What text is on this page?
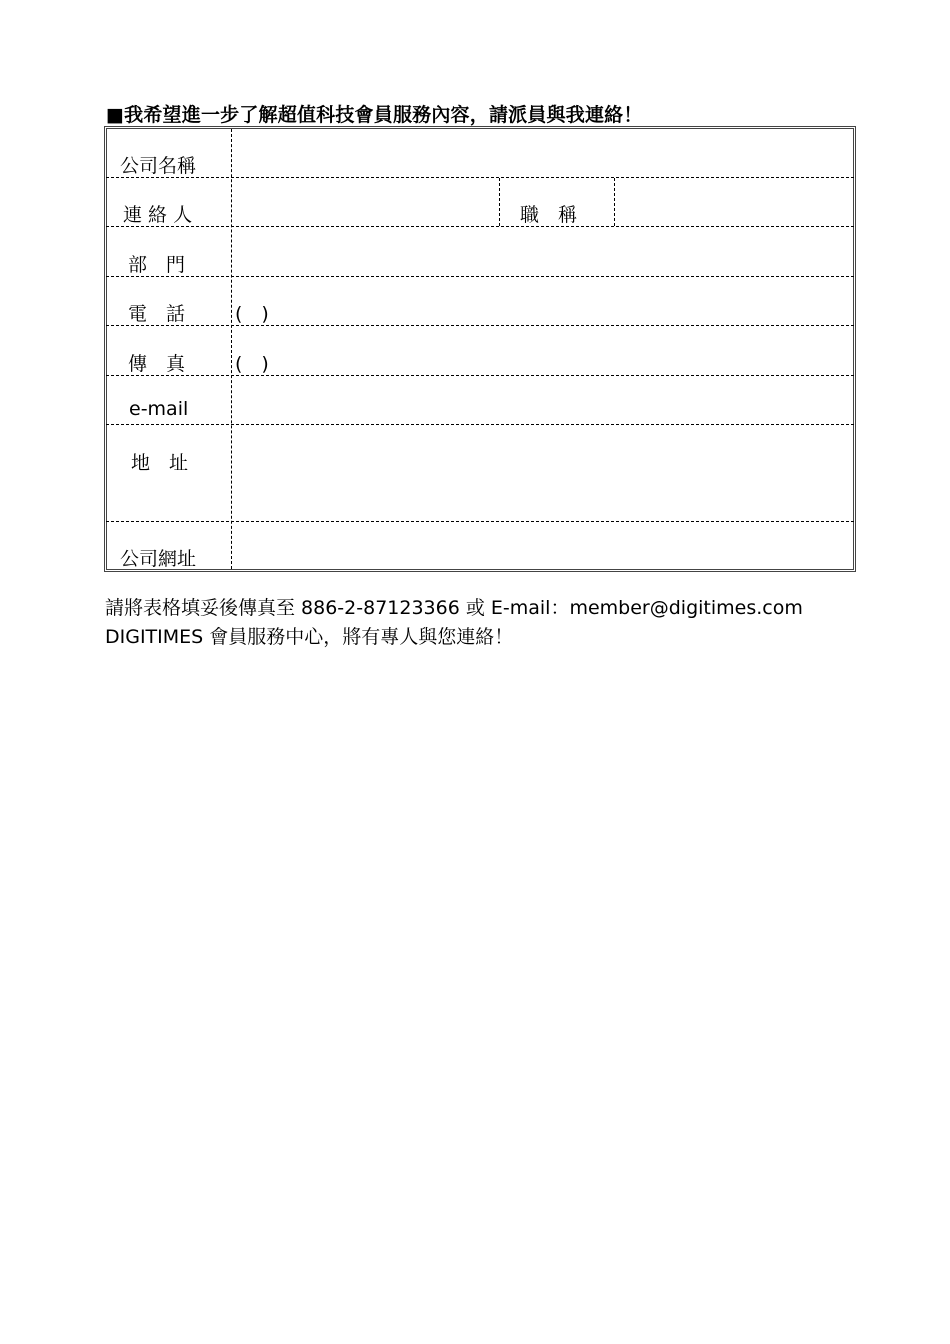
■我希望進一步了解超值科技會員服務內容，請派員與我連絡！
公司名稱
連 絡 人	職　稱
部　門
電　話	(　)
傳　真	(　)
e-mail
地　址
公司網址
請將表格填妥後傳真至 886-2-87123366 或 E-mail：member@digitimes.com DIGITIMES 會員服務中心，將有專人與您連絡！
